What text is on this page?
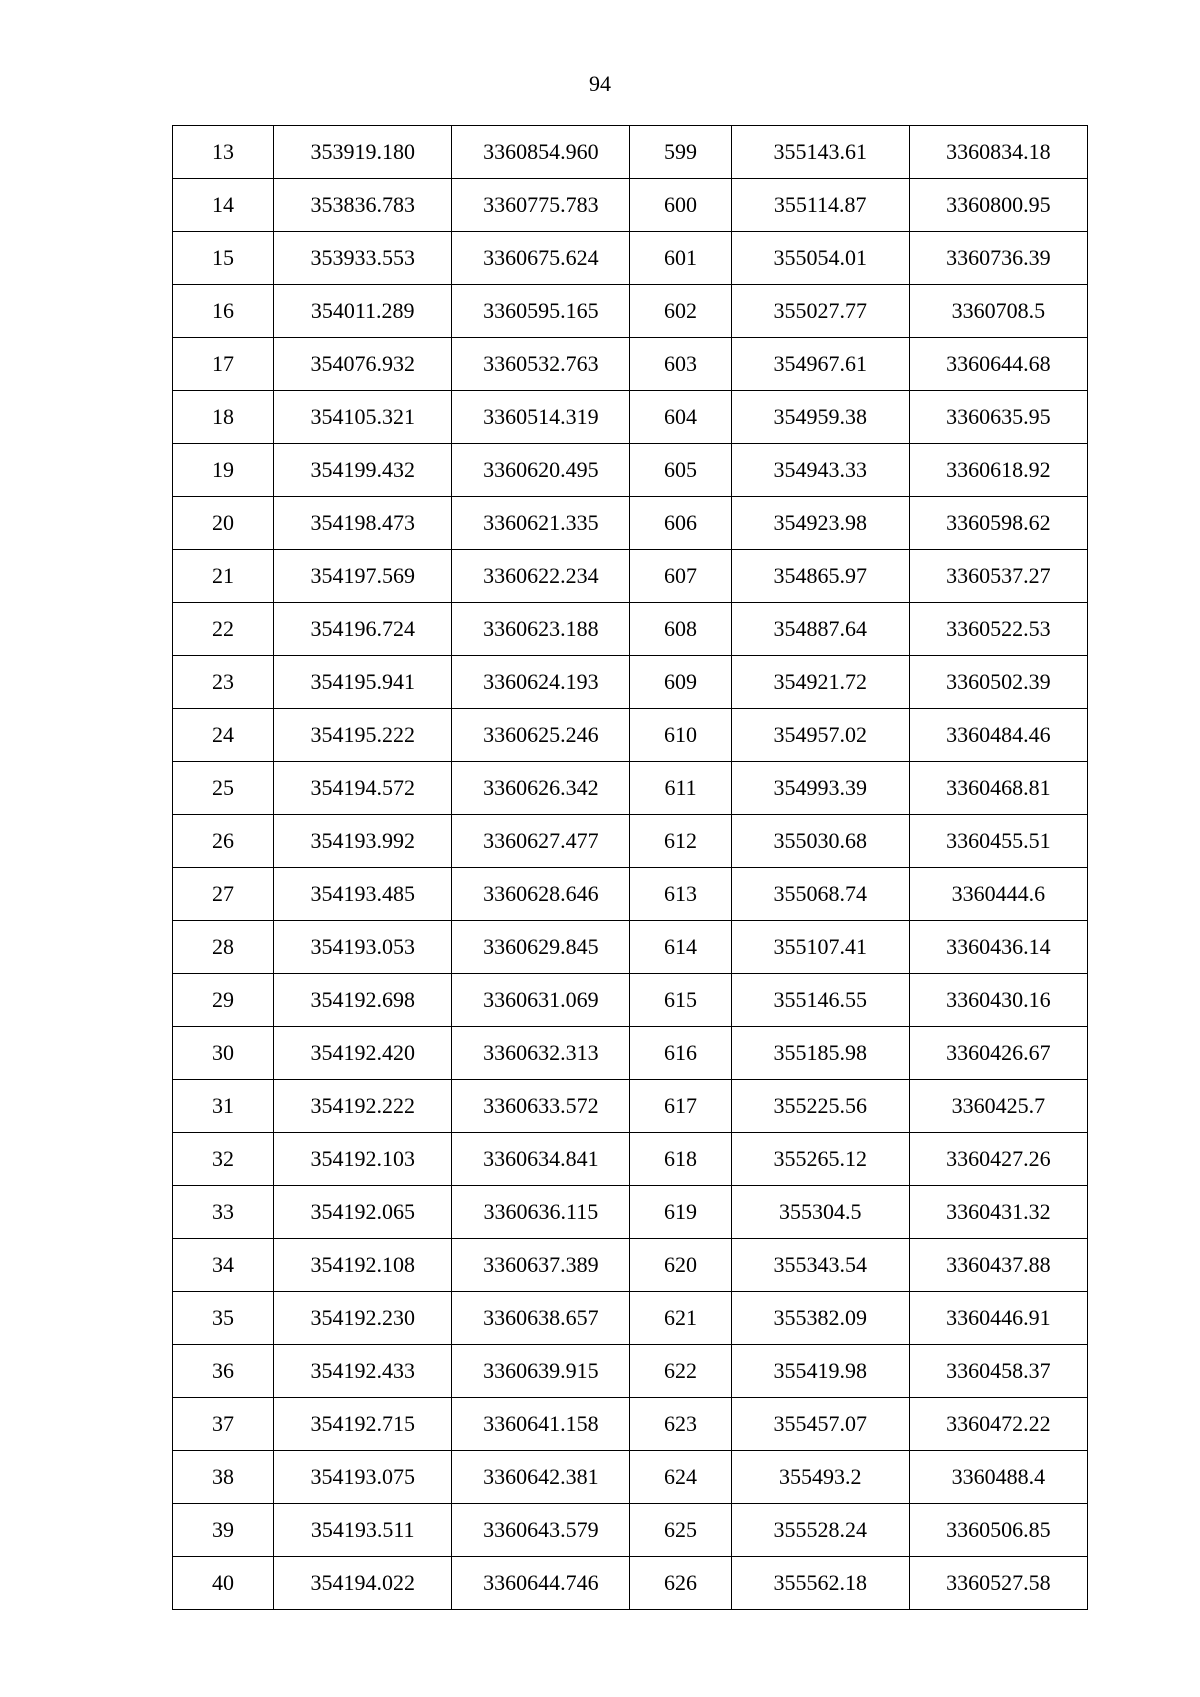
94
13	353919.180	3360854.960	599	355143.61	3360834.18
14	353836.783	3360775.783	600	355114.87	3360800.95
15	353933.553	3360675.624	601	355054.01	3360736.39
16	354011.289	3360595.165	602	355027.77	3360708.5
17	354076.932	3360532.763	603	354967.61	3360644.68
18	354105.321	3360514.319	604	354959.38	3360635.95
19	354199.432	3360620.495	605	354943.33	3360618.92
20	354198.473	3360621.335	606	354923.98	3360598.62
21	354197.569	3360622.234	607	354865.97	3360537.27
22	354196.724	3360623.188	608	354887.64	3360522.53
23	354195.941	3360624.193	609	354921.72	3360502.39
24	354195.222	3360625.246	610	354957.02	3360484.46
25	354194.572	3360626.342	611	354993.39	3360468.81
26	354193.992	3360627.477	612	355030.68	3360455.51
27	354193.485	3360628.646	613	355068.74	3360444.6
28	354193.053	3360629.845	614	355107.41	3360436.14
29	354192.698	3360631.069	615	355146.55	3360430.16
30	354192.420	3360632.313	616	355185.98	3360426.67
31	354192.222	3360633.572	617	355225.56	3360425.7
32	354192.103	3360634.841	618	355265.12	3360427.26
33	354192.065	3360636.115	619	355304.5	3360431.32
34	354192.108	3360637.389	620	355343.54	3360437.88
35	354192.230	3360638.657	621	355382.09	3360446.91
36	354192.433	3360639.915	622	355419.98	3360458.37
37	354192.715	3360641.158	623	355457.07	3360472.22
38	354193.075	3360642.381	624	355493.2	3360488.4
39	354193.511	3360643.579	625	355528.24	3360506.85
40	354194.022	3360644.746	626	355562.18	3360527.58
